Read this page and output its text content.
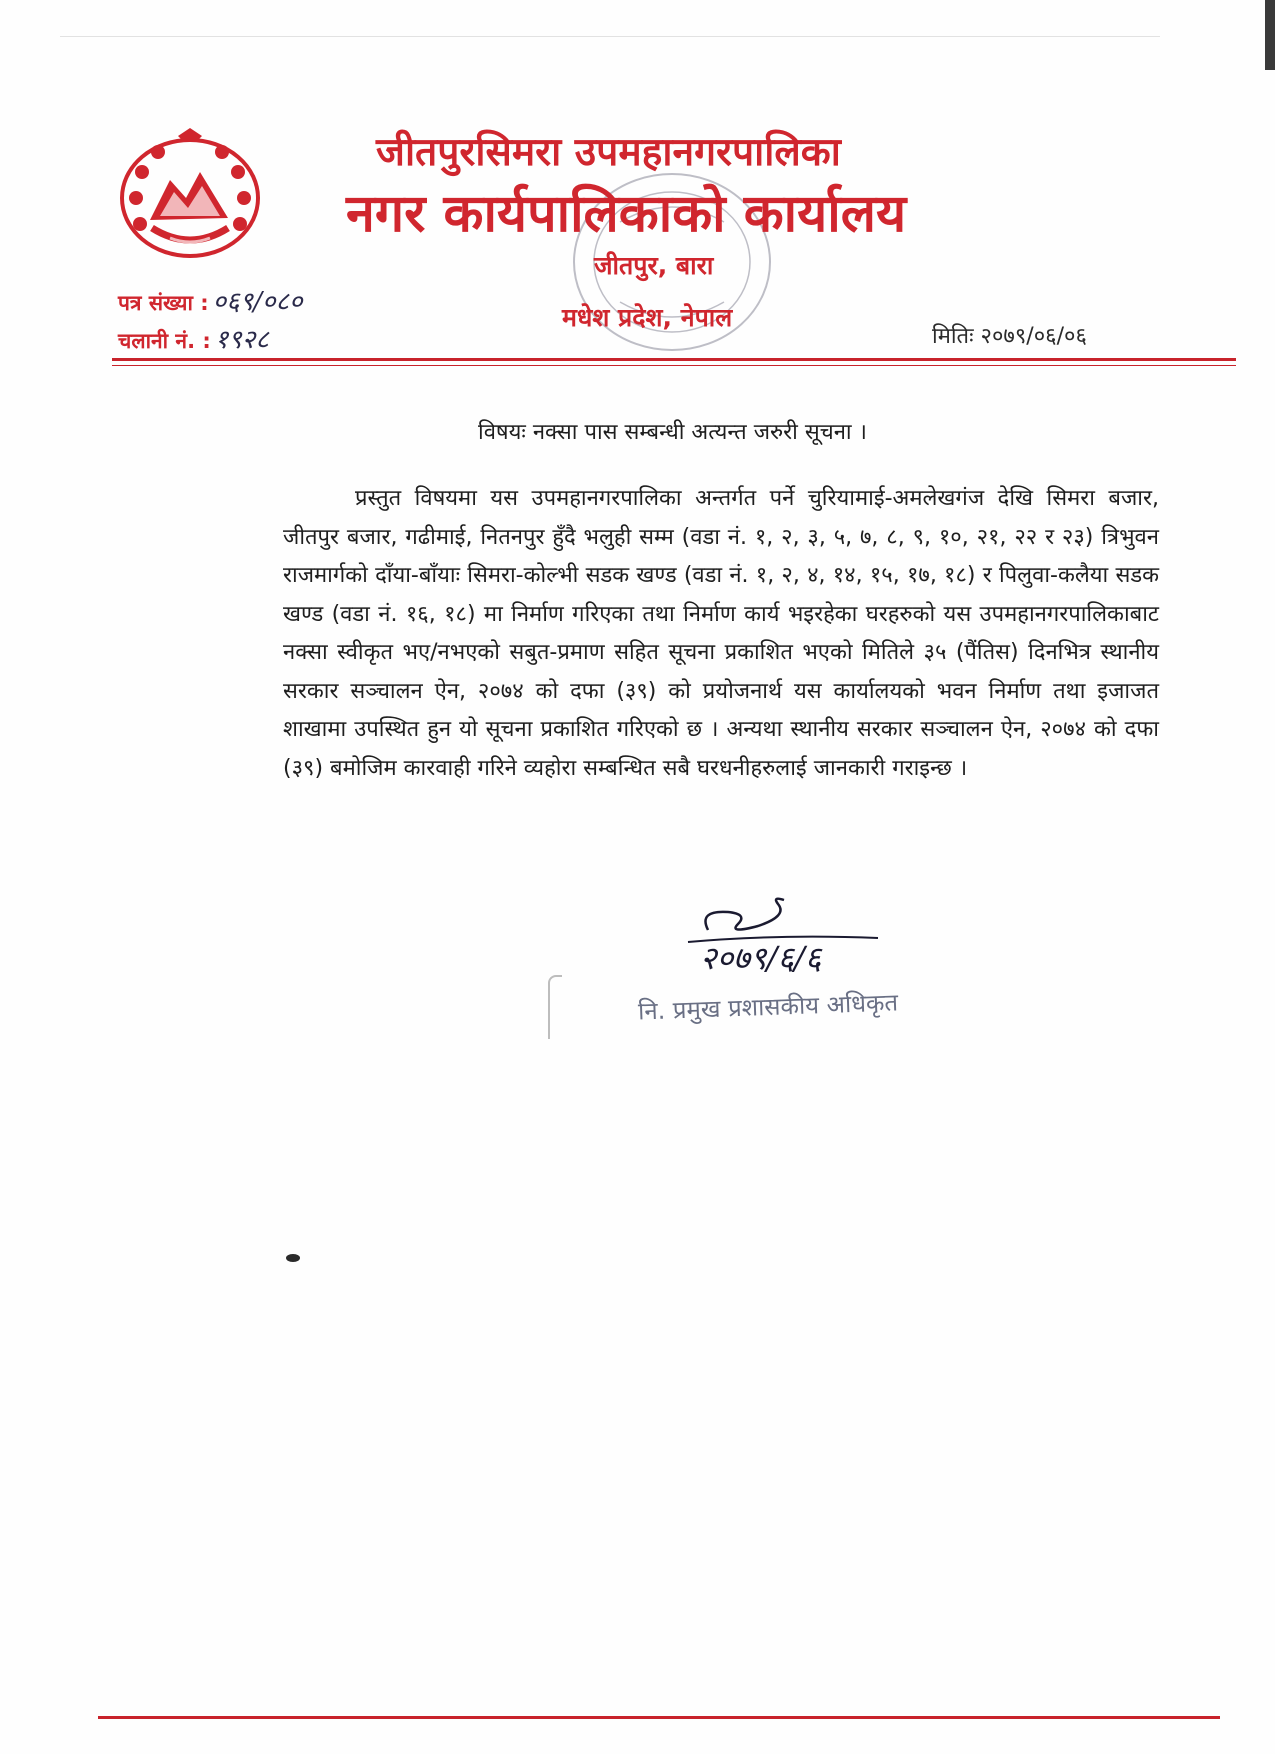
जीतपुरसिमरा उपमहानगरपालिका
नगर कार्यपालिकाको कार्यालय
जीतपुर, बारा
मधेश प्रदेश, नेपाल
पत्र संख्या : ०६९/०८०
चलानी नं. : १९२८	मितिः २०७९/०६/०६
विषयः नक्सा पास सम्बन्धी अत्यन्त जरुरी सूचना ।

प्रस्तुत विषयमा यस उपमहानगरपालिका अन्तर्गत पर्ने चुरियामाई-अमलेखगंज देखि सिमरा बजार, जीतपुर बजार, गढीमाई, नितनपुर हुँदै भलुही सम्म (वडा नं. १, २, ३, ५, ७, ८, ९, १०, २१, २२ र २३) त्रिभुवन राजमार्गको दाँया-बाँयाः सिमरा-कोल्भी सडक खण्ड (वडा नं. १, २, ४, १४, १५, १७, १८) र पिलुवा-कलैया सडक खण्ड (वडा नं. १६, १८) मा निर्माण गरिएका तथा निर्माण कार्य भइरहेका घरहरुको यस उपमहानगरपालिकाबाट नक्सा स्वीकृत भए/नभएको सबुत-प्रमाण सहित सूचना प्रकाशित भएको मितिले ३५ (पैंतिस) दिनभित्र स्थानीय सरकार सञ्चालन ऐन, २०७४ को दफा (३९) को प्रयोजनार्थ यस कार्यालयको भवन निर्माण तथा इजाजत शाखामा उपस्थित हुन यो सूचना प्रकाशित गरिएको छ । अन्यथा स्थानीय सरकार सञ्चालन ऐन, २०७४ को दफा (३९) बमोजिम कारवाही गरिने व्यहोरा सम्बन्धित सबै घरधनीहरुलाई जानकारी गराइन्छ ।

२०७९/६/६
नि. प्रमुख प्रशासकीय अधिकृत
